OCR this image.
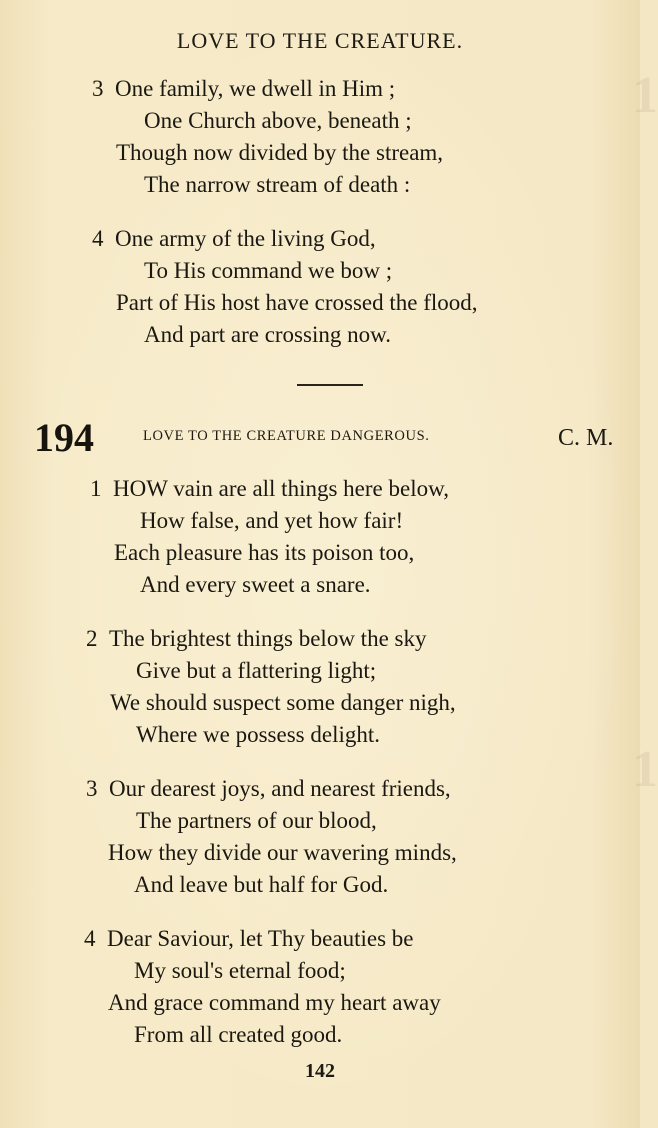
1
1
LOVE TO THE CREATURE.
3 One family, we dwell in Him ;
One Church above, beneath ;
Though now divided by the stream,
The narrow stream of death :
4 One army of the living God,
To His command we bow ;
Part of His host have crossed the flood,
And part are crossing now.
194	LOVE TO THE CREATURE DANGEROUS.	C. M.
1 HOW vain are all things here below,
How false, and yet how fair!
Each pleasure has its poison too,
And every sweet a snare.
2 The brightest things below the sky
Give but a flattering light;
We should suspect some danger nigh,
Where we possess delight.
3 Our dearest joys, and nearest friends,
The partners of our blood,
How they divide our wavering minds,
And leave but half for God.
4 Dear Saviour, let Thy beauties be
My soul's eternal food;
And grace command my heart away
From all created good.
142
